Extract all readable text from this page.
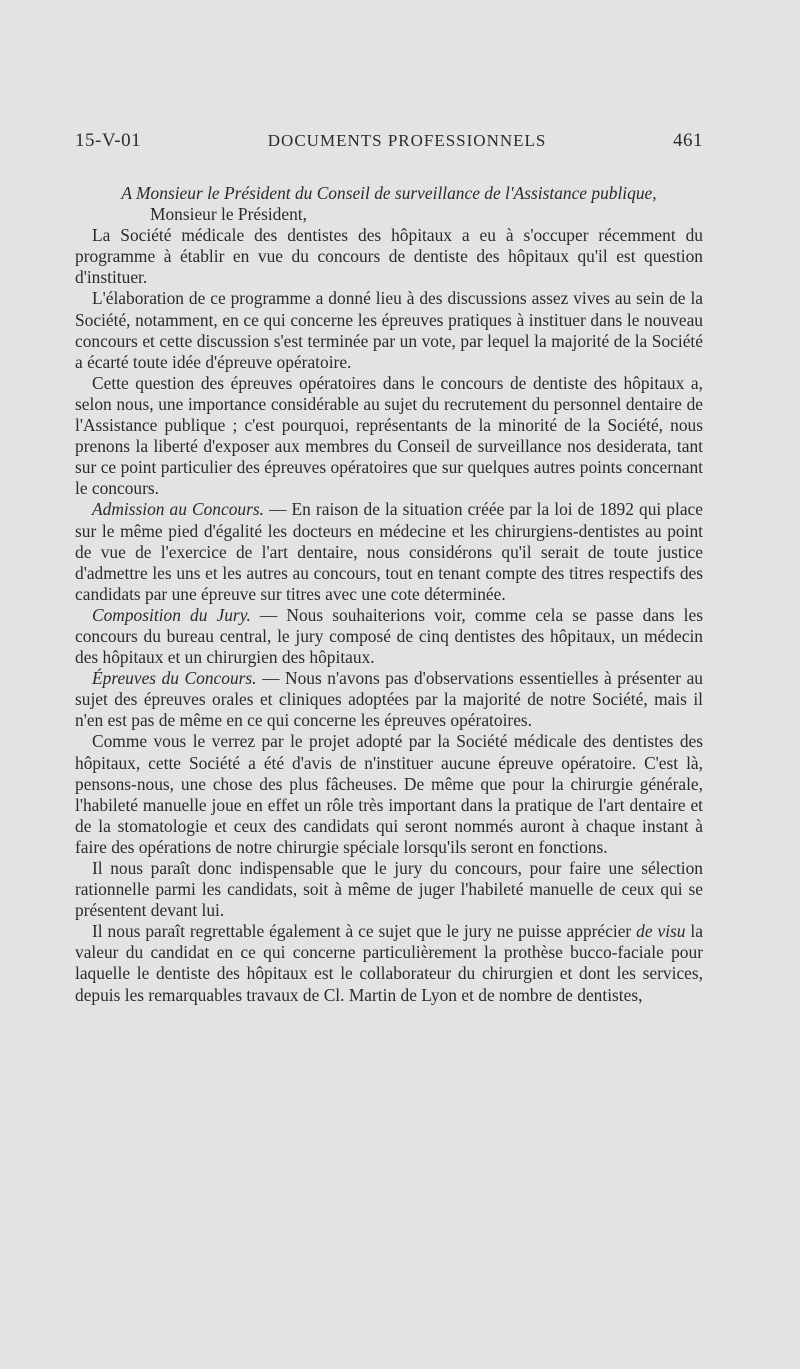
15-V-01	DOCUMENTS PROFESSIONNELS	461

A Monsieur le Président du Conseil de surveillance de l'Assistance publique,

Monsieur le Président,

La Société médicale des dentistes des hôpitaux a eu à s'occuper récemment du programme à établir en vue du concours de dentiste des hôpitaux qu'il est question d'instituer.

L'élaboration de ce programme a donné lieu à des discussions assez vives au sein de la Société, notamment, en ce qui concerne les épreuves pratiques à instituer dans le nouveau concours et cette discussion s'est terminée par un vote, par lequel la majorité de la Société a écarté toute idée d'épreuve opératoire.

Cette question des épreuves opératoires dans le concours de dentiste des hôpitaux a, selon nous, une importance considérable au sujet du recrutement du personnel dentaire de l'Assistance publique ; c'est pourquoi, représentants de la minorité de la Société, nous prenons la liberté d'exposer aux membres du Conseil de surveillance nos desiderata, tant sur ce point particulier des épreuves opératoires que sur quelques autres points concernant le concours.

Admission au Concours. — En raison de la situation créée par la loi de 1892 qui place sur le même pied d'égalité les docteurs en médecine et les chirurgiens-dentistes au point de vue de l'exercice de l'art dentaire, nous considérons qu'il serait de toute justice d'admettre les uns et les autres au concours, tout en tenant compte des titres respectifs des candidats par une épreuve sur titres avec une cote déterminée.

Composition du Jury. — Nous souhaiterions voir, comme cela se passe dans les concours du bureau central, le jury composé de cinq dentistes des hôpitaux, un médecin des hôpitaux et un chirurgien des hôpitaux.

Épreuves du Concours. — Nous n'avons pas d'observations essentielles à présenter au sujet des épreuves orales et cliniques adoptées par la majorité de notre Société, mais il n'en est pas de même en ce qui concerne les épreuves opératoires.

Comme vous le verrez par le projet adopté par la Société médicale des dentistes des hôpitaux, cette Société a été d'avis de n'instituer aucune épreuve opératoire. C'est là, pensons-nous, une chose des plus fâcheuses. De même que pour la chirurgie générale, l'habileté manuelle joue en effet un rôle très important dans la pratique de l'art dentaire et de la stomatologie et ceux des candidats qui seront nommés auront à chaque instant à faire des opérations de notre chirurgie spéciale lorsqu'ils seront en fonctions.

Il nous paraît donc indispensable que le jury du concours, pour faire une sélection rationnelle parmi les candidats, soit à même de juger l'habileté manuelle de ceux qui se présentent devant lui.

Il nous paraît regrettable également à ce sujet que le jury ne puisse apprécier de visu la valeur du candidat en ce qui concerne particulièrement la prothèse bucco-faciale pour laquelle le dentiste des hôpitaux est le collaborateur du chirurgien et dont les services, depuis les remarquables travaux de Cl. Martin de Lyon et de nombre de dentistes,
